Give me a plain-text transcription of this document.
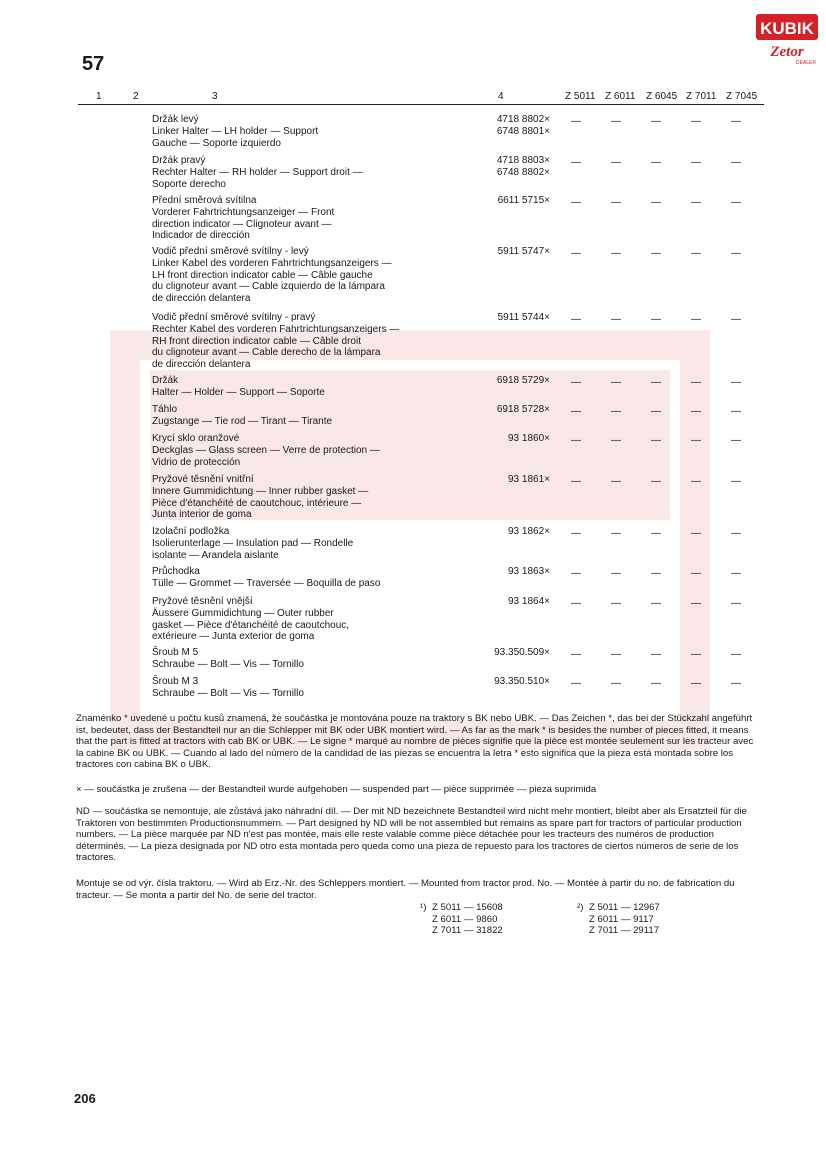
KUBIK
Zetor
DEALER
57
1	2	3	4	Z 5011 Z 6011 Z 6045 Z 7011 Z 7045
Držák levý
Linker Halter — LH holder — Support
Gauche — Soporte izquierdo
4718 8802×
6748 8801×
—	—	—	—	—
Držák pravý
Rechter Halter — RH holder — Support droit —
Soporte derecho
4718 8803×
6748 8802×
—	—	—	—	—
Přední směrová svítilna
Vorderer Fahrtrichtungsanzeiger — Front
direction indicator — Clignoteur avant —
Indicador de dirección
6611 5715× —	—	—	—	—
Vodič přední směrové svítilny - levý
Linker Kabel des vorderen Fahrtrichtungsanzeigers —
LH front direction indicator cable — Câble gauche
du clignoteur avant — Cable izquierdo de la lámpara
de dirección delantera
5911 5747× —	—	—	—	—
Vodič přední směrové svítilny - pravý
Rechter Kabel des vorderen Fahrtrichtungsanzeigers —
RH front direction indicator cable — Câble droit
du clignoteur avant — Cable derecho de la lámpara
de dirección delantera
5911 5744× —	—	—	—	—
Držák
Halter — Holder — Support — Soporte
6918 5729× —	—	—	—	—
Táhlo
Zugstange — Tie rod — Tirant — Tirante
6918 5728× —	—	—	—	—
Krycí sklo oranžové
Deckglas — Glass screen — Verre de protection —
Vidrio de protección
93 1860× —	—	—	—	—
Pryžové těsnění vnitřní
Innere Gummidichtung — Inner rubber gasket —
Pièce d'étanchéité de caoutchouc, intérieure —
Junta interior de goma
93 1861× —	—	—	—	—
Izolační podložka
Isolierunterlage — Insulation pad — Rondelle
isolante — Arandela aislante
93 1862× —	—	—	—	—
Průchodka
Tülle — Grommet — Traversée — Boquilla de paso
93 1863× —	—	—	—	—
Pryžové těsnění vnější
Äussere Gummidichtung — Outer rubber
gasket — Pièce d'étanchéité de caoutchouc,
extérieure — Junta exterior de goma
93 1864× —	—	—	—	—
Šroub M 5
Schraube — Bolt — Vis — Tornillo
93.350.509× —	—	—	—	—
Šroub M 3
Schraube — Bolt — Vis — Tornillo
93.350.510× —	—	—	—	—

Znaménko * uvedené u počtu kusů znamená, že součástka je montována pouze na traktory s BK nebo UBK. — Das Zeichen *, das bei der Stückzahl angeführt ist, bedeutet, dass der Bestandteil nur an die Schlepper mit BK oder UBK montiert wird. — As far as the mark * is besides the number of pieces fitted, it means that the part is fitted at tractors with cab BK or UBK. — Le signe * marqué au nombre de pièces signifie que la pièce est montée seulement sur les tracteur avec la cabine BK ou UBK. — Cuando al lado del número de la candidad de las piezas se encuentra la letra * esto significa que la pieza está montada sobre los tractores con cabina BK o UBK.

× — součástka je zrušena — der Bestandteil wurde aufgehoben — suspended part — pièce supprimée — pieza suprimida

ND — součástka se nemontuje, ale zůstává jako náhradní díl. — Der mit ND bezeichnete Bestandteil wird nicht mehr montiert, bleibt aber als Ersatzteil für die Traktoren von bestimmten Productionsnummern. — Part designed by ND will be not assembled but remains as spare part for tractors of particular production numbers. — La pièce marquée par ND n'est pas montée, mais elle reste valable comme pièce détachée pour les tracteurs des numéros de production déterminés. — La pieza designada por ND otro esta montada pero queda como una pieza de repuesto para los tractores de ciertos números de serie de los tractores.

Montuje se od výr. čísla traktoru. — Wird ab Erz.-Nr. des Schleppers montiert. — Mounted from tractor prod. No. — Montée à partir du no. de fabrication du tracteur. — Se monta a partir del No. de serie del tractor.

¹) Z 5011 — 15608
Z 6011 — 9860
Z 7011 — 31822
²) Z 5011 — 12967
Z 6011 — 9117
Z 7011 — 29117
206
